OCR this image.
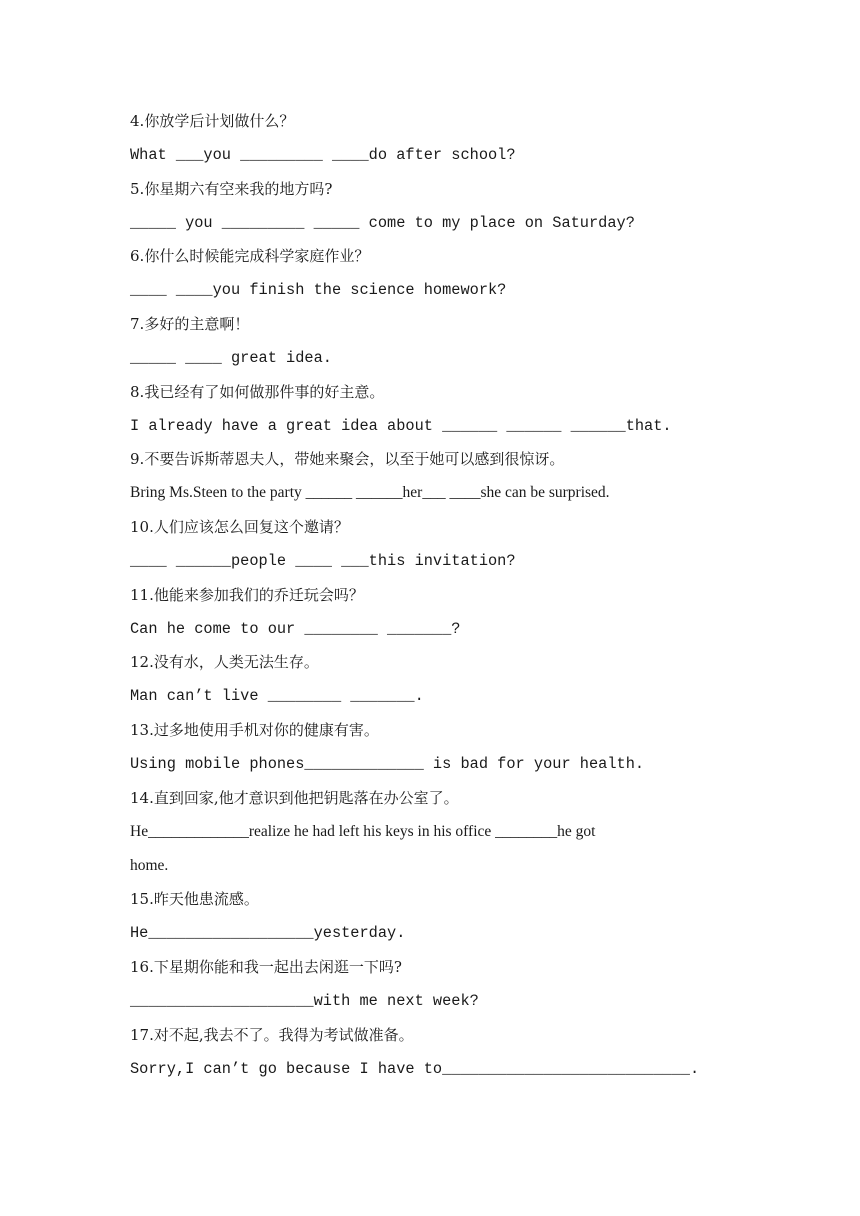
4.你放学后计划做什么？
What ___you _________ ____do after school?
5.你星期六有空来我的地方吗?
_____ you _________ _____ come to my place on Saturday?
6.你什么时候能完成科学家庭作业？
____ ____you finish the science homework?
7.多好的主意啊！
_____ ____ great idea.
8.我已经有了如何做那件事的好主意。
I already have a great idea about ______ ______ ______that.
9.不要告诉斯蒂恩夫人，带她来聚会，以至于她可以感到很惊讶。
Bring Ms.Steen to the party ______ ______her___ ____she can be surprised.
10.人们应该怎么回复这个邀请？
____ ______people ____ ___this invitation?
11.他能来参加我们的乔迁玩会吗？
Can he come to our ________ _______?
12.没有水，人类无法生存。
Man can’t live ________ _______.
13.过多地使用手机对你的健康有害。
Using mobile phones_____________ is bad for your health.
14.直到回家,他才意识到他把钥匙落在办公室了。
He_____________realize he had left his keys in his office ________he got
home.
15.昨天他患流感。
He__________________yesterday.
16.下星期你能和我一起出去闲逛一下吗?
____________________with me next week?
17.对不起,我去不了。我得为考试做准备。
Sorry,I can’t go because I have to___________________________.
